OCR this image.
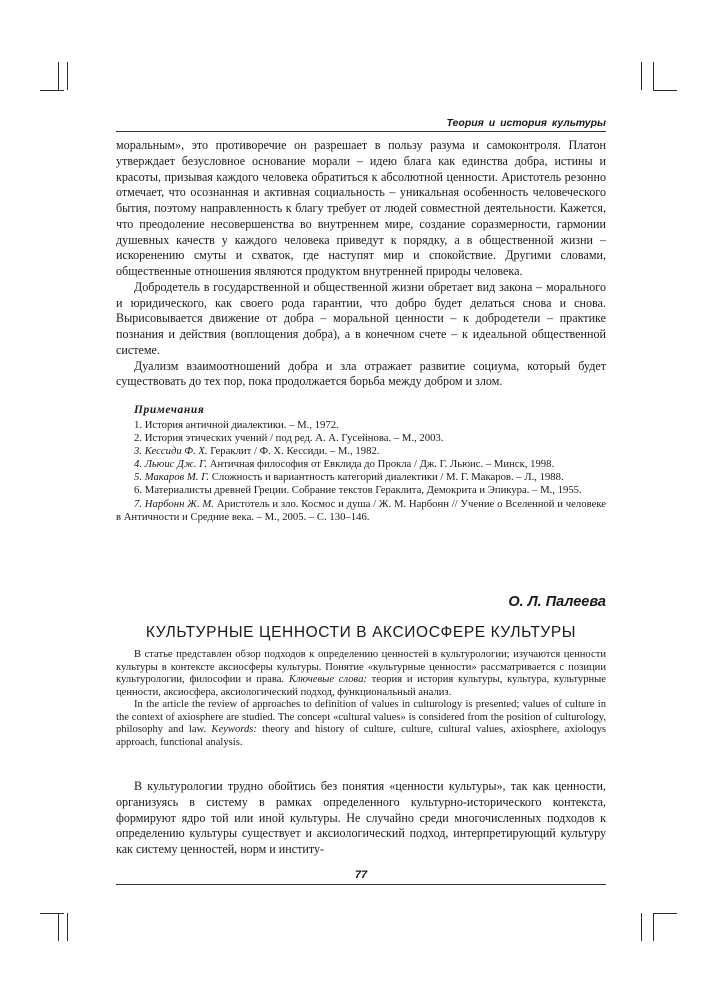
Теория и история культуры

моральным», это противоречие он разрешает в пользу разума и самоконтроля. Платон утверждает безусловное основание морали – идею блага как единства добра, истины и красоты, призывая каждого человека обратиться к абсолютной ценности. Аристотель резонно отмечает, что осознанная и активная социальность – уникальная особенность человеческого бытия, поэтому направленность к благу требует от людей совместной деятельности. Кажется, что преодоление несовершенства во внутреннем мире, создание соразмерности, гармонии душевных качеств у каждого человека приведут к порядку, а в общественной жизни – искоренению смуты и схваток, где наступят мир и спокойствие. Другими словами, общественные отношения являются продуктом внутренней природы человека.

Добродетель в государственной и общественной жизни обретает вид закона – морального и юридического, как своего рода гарантии, что добро будет делаться снова и снова. Вырисовывается движение от добра – моральной ценности – к добродетели – практике познания и действия (воплощения добра), а в конечном счете – к идеальной общественной системе.

Дуализм взаимоотношений добра и зла отражает развитие социума, который будет существовать до тех пор, пока продолжается борьба между добром и злом.

Примечания

1. История античной диалектики. – М., 1972.

2. История этических учений / под ред. А. А. Гусейнова. – М., 2003.

3. Кессиди Ф. Х. Гераклит / Ф. Х. Кессиди. – М., 1982.

4. Льюис Дж. Г. Античная философия от Евклида до Прокла / Дж. Г. Льюис. – Минск, 1998.

5. Макаров М. Г. Сложность и вариантность категорий диалектики / М. Г. Макаров. – Л., 1988.

6. Материалисты древней Греции. Собрание текстов Гераклита, Демокрита и Эпикура. – М., 1955.

7. Нарбонн Ж. М. Аристотель и зло. Космос и душа / Ж. М. Нарбонн // Учение о Вселенной и человеке в Античности и Средние века. – М., 2005. – С. 130–146.

О. Л. Палеева
КУЛЬТУРНЫЕ ЦЕННОСТИ В АКСИОСФЕРЕ КУЛЬТУРЫ

В статье представлен обзор подходов к определению ценностей в культурологии; изучаются ценности культуры в контексте аксиосферы культуры. Понятие «культурные ценности» рассматривается с позиции культурологии, философии и права. Ключевые слова: теория и история культуры, культура, культурные ценности, аксиосфера, аксиологический подход, функциональный анализ.

In the article the review of approaches to definition of values in culturology is presented; values of culture in the context of axiosphere are studied. The concept «cultural values» is considered from the position of culturology, philosophy and law. Keywords: theory and history of culture, culture, cultural values, axiosphere, axioloqys approach, functional analysis.

В культурологии трудно обойтись без понятия «ценности культуры», так как ценности, организуясь в систему в рамках определенного культурно-исторического контекста, формируют ядро той или иной культуры. Не случайно среди многочисленных подходов к определению культуры существует и аксиологический подход, интерпретирующий культуру как систему ценностей, норм и институ-

77
